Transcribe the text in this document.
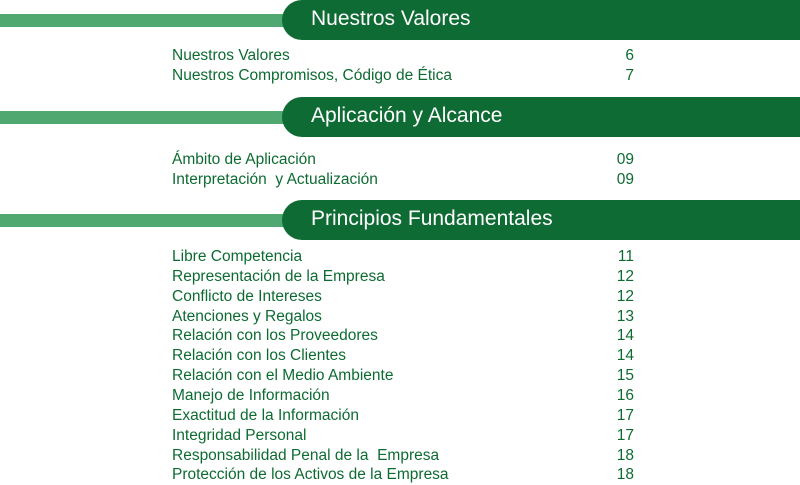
Nuestros Valores
Nuestros Valores	6
Nuestros Compromisos, Código de Ética	7
Aplicación y Alcance
Ámbito de Aplicación	09
Interpretación  y Actualización	09
Principios Fundamentales
Libre Competencia	11
Representación de la Empresa	12
Conflicto de Intereses	12
Atenciones y Regalos	13
Relación con los Proveedores	14
Relación con los Clientes	14
Relación con el Medio Ambiente	15
Manejo de Información	16
Exactitud de la Información	17
Integridad Personal	17
Responsabilidad Penal de la  Empresa	18
Protección de los Activos de la Empresa	18
